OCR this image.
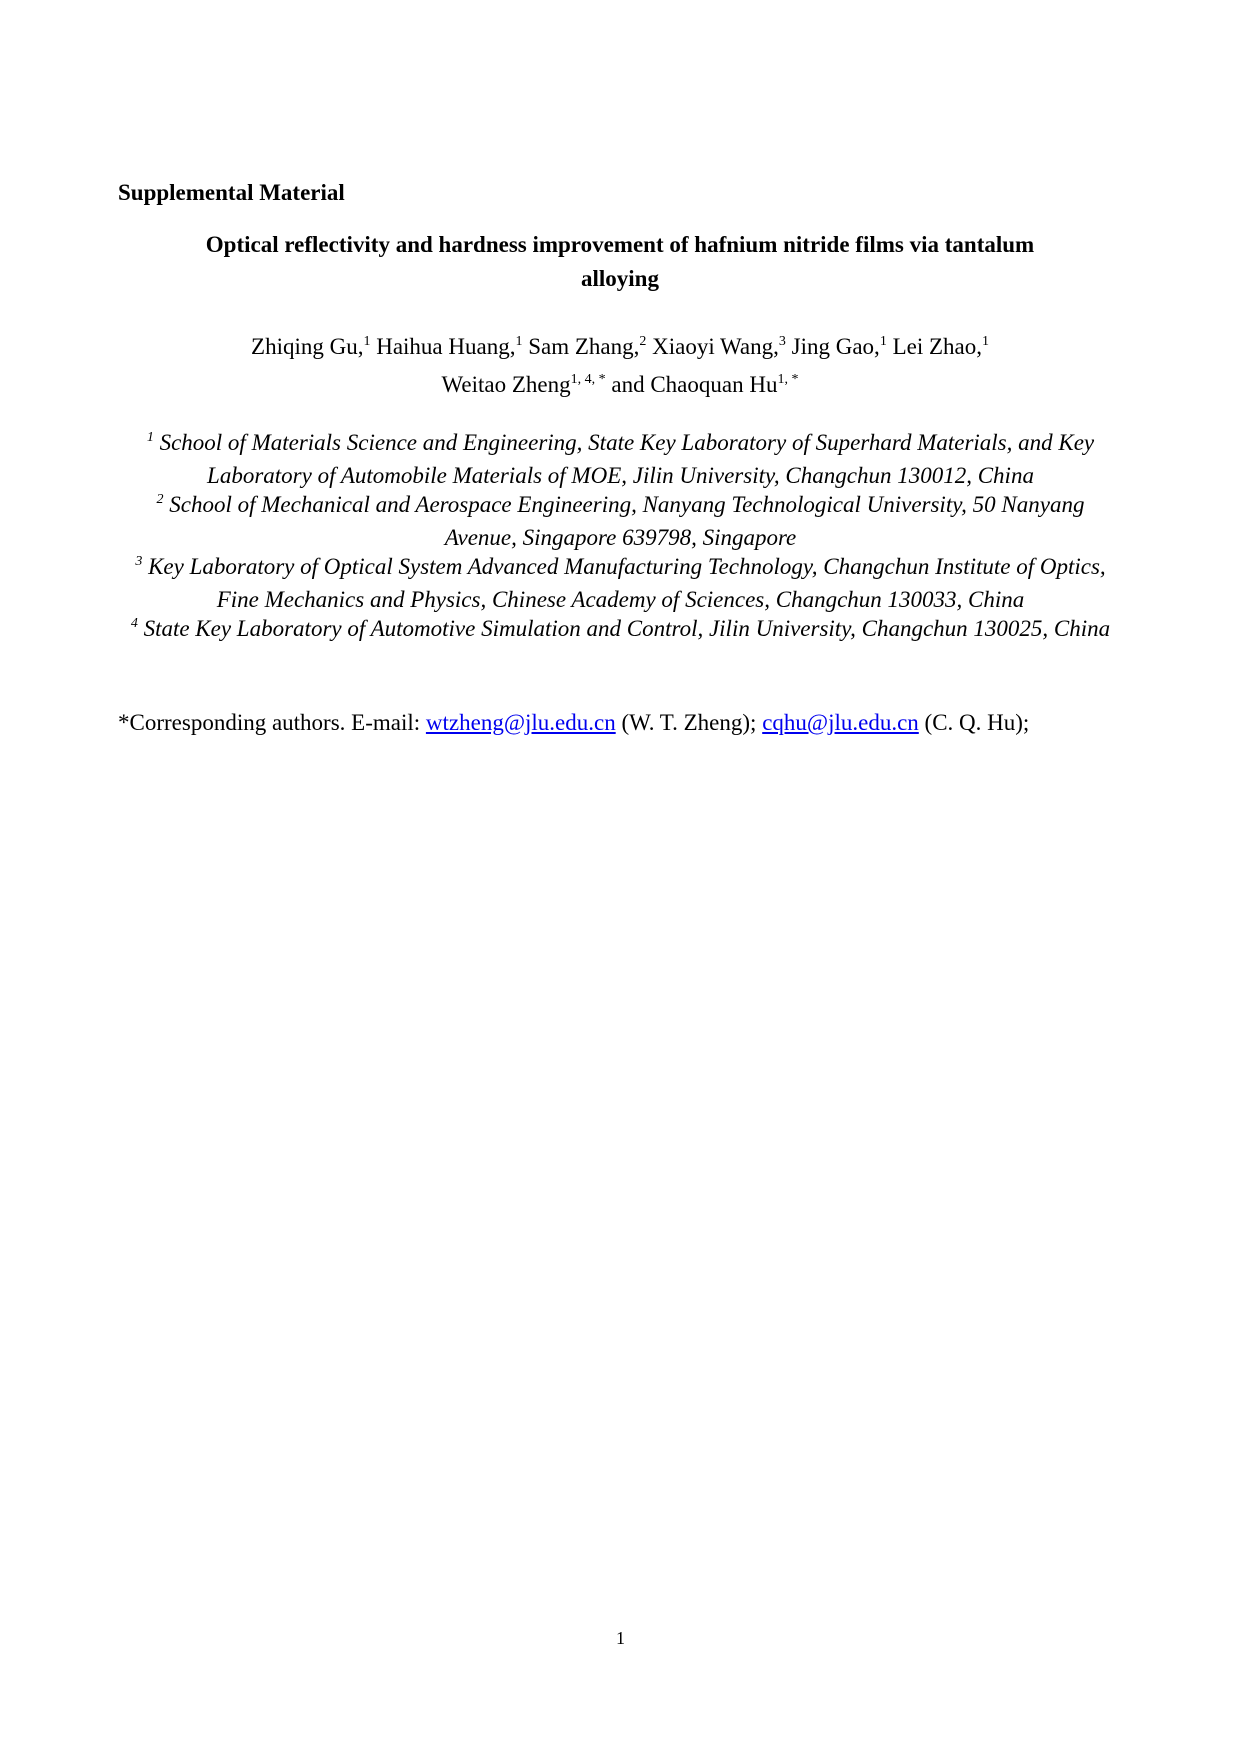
Supplemental Material
Optical reflectivity and hardness improvement of hafnium nitride films via tantalum
alloying
Zhiqing Gu,$^1$ Haihua Huang,$^1$ Sam Zhang,$^2$ Xiaoyi Wang,$^3$ Jing Gao,$^1$ Lei Zhao,$^1$
Weitao Zheng$^{1, 4, *}$ and Chaoquan $Hu^{1, *}$
$^1$ School of Materials Science and Engineering, State Key Laboratory of Superhard Materials, and Key Laboratory of Automobile Materials of MOE, Jilin University, Changchun 130012, China
$^2$ School of Mechanical and Aerospace Engineering, Nanyang Technological University, 50 Nanyang Avenue, Singapore 639798, Singapore
$^3$ Key Laboratory of Optical System Advanced Manufacturing Technology, Changchun Institute of Optics, Fine Mechanics and Physics, Chinese Academy of Sciences, Changchun 130033, China
$^4$ State Key Laboratory of Automotive Simulation and Control, Jilin University, Changchun 130025, China
*Corresponding authors. E-mail: wtzheng@jlu.edu.cn (W. T. Zheng); cqhu@jlu.edu.cn (C. Q. Hu);
1
